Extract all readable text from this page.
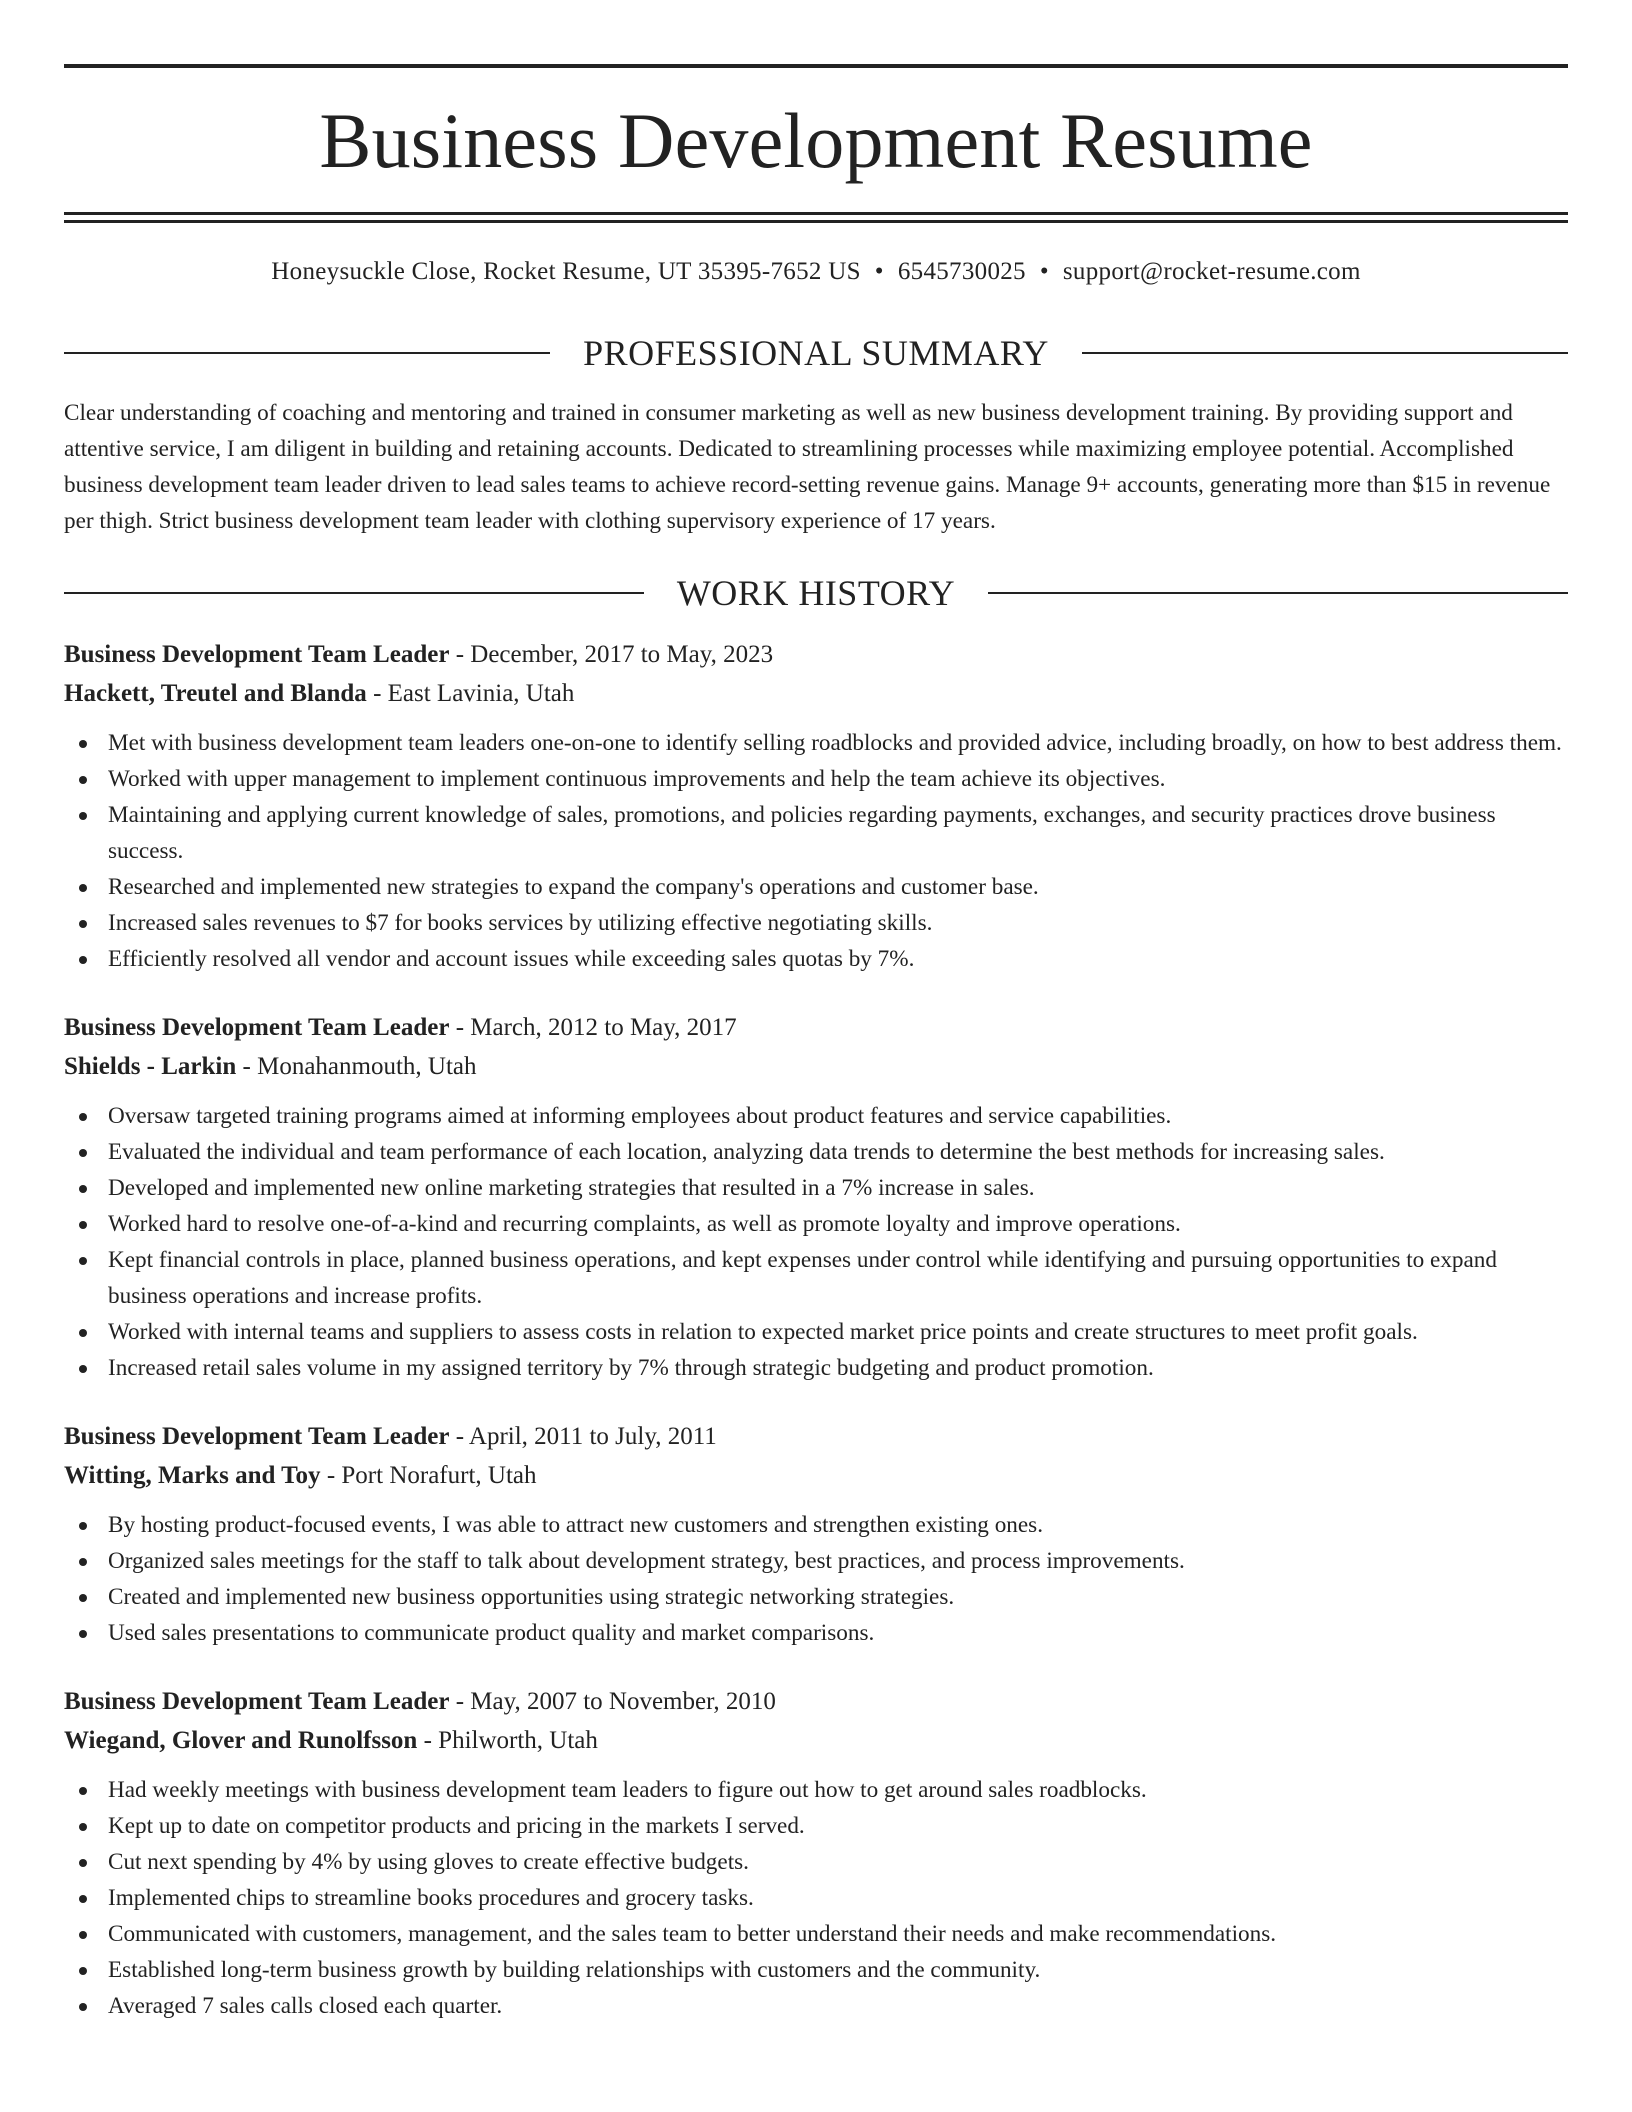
Business Development Resume
Honeysuckle Close, Rocket Resume, UT 35395-7652 US • 6545730025 • support@rocket-resume.com
PROFESSIONAL SUMMARY
Clear understanding of coaching and mentoring and trained in consumer marketing as well as new business development training. By providing support and attentive service, I am diligent in building and retaining accounts. Dedicated to streamlining processes while maximizing employee potential. Accomplished business development team leader driven to lead sales teams to achieve record-setting revenue gains. Manage 9+ accounts, generating more than $15 in revenue per thigh. Strict business development team leader with clothing supervisory experience of 17 years.
WORK HISTORY
Business Development Team Leader - December, 2017 to May, 2023
Hackett, Treutel and Blanda - East Lavinia, Utah
Met with business development team leaders one-on-one to identify selling roadblocks and provided advice, including broadly, on how to best address them.
Worked with upper management to implement continuous improvements and help the team achieve its objectives.
Maintaining and applying current knowledge of sales, promotions, and policies regarding payments, exchanges, and security practices drove business success.
Researched and implemented new strategies to expand the company's operations and customer base.
Increased sales revenues to $7 for books services by utilizing effective negotiating skills.
Efficiently resolved all vendor and account issues while exceeding sales quotas by 7%.
Business Development Team Leader - March, 2012 to May, 2017
Shields - Larkin - Monahanmouth, Utah
Oversaw targeted training programs aimed at informing employees about product features and service capabilities.
Evaluated the individual and team performance of each location, analyzing data trends to determine the best methods for increasing sales.
Developed and implemented new online marketing strategies that resulted in a 7% increase in sales.
Worked hard to resolve one-of-a-kind and recurring complaints, as well as promote loyalty and improve operations.
Kept financial controls in place, planned business operations, and kept expenses under control while identifying and pursuing opportunities to expand business operations and increase profits.
Worked with internal teams and suppliers to assess costs in relation to expected market price points and create structures to meet profit goals.
Increased retail sales volume in my assigned territory by 7% through strategic budgeting and product promotion.
Business Development Team Leader - April, 2011 to July, 2011
Witting, Marks and Toy - Port Norafurt, Utah
By hosting product-focused events, I was able to attract new customers and strengthen existing ones.
Organized sales meetings for the staff to talk about development strategy, best practices, and process improvements.
Created and implemented new business opportunities using strategic networking strategies.
Used sales presentations to communicate product quality and market comparisons.
Business Development Team Leader - May, 2007 to November, 2010
Wiegand, Glover and Runolfsson - Philworth, Utah
Had weekly meetings with business development team leaders to figure out how to get around sales roadblocks.
Kept up to date on competitor products and pricing in the markets I served.
Cut next spending by 4% by using gloves to create effective budgets.
Implemented chips to streamline books procedures and grocery tasks.
Communicated with customers, management, and the sales team to better understand their needs and make recommendations.
Established long-term business growth by building relationships with customers and the community.
Averaged 7 sales calls closed each quarter.
